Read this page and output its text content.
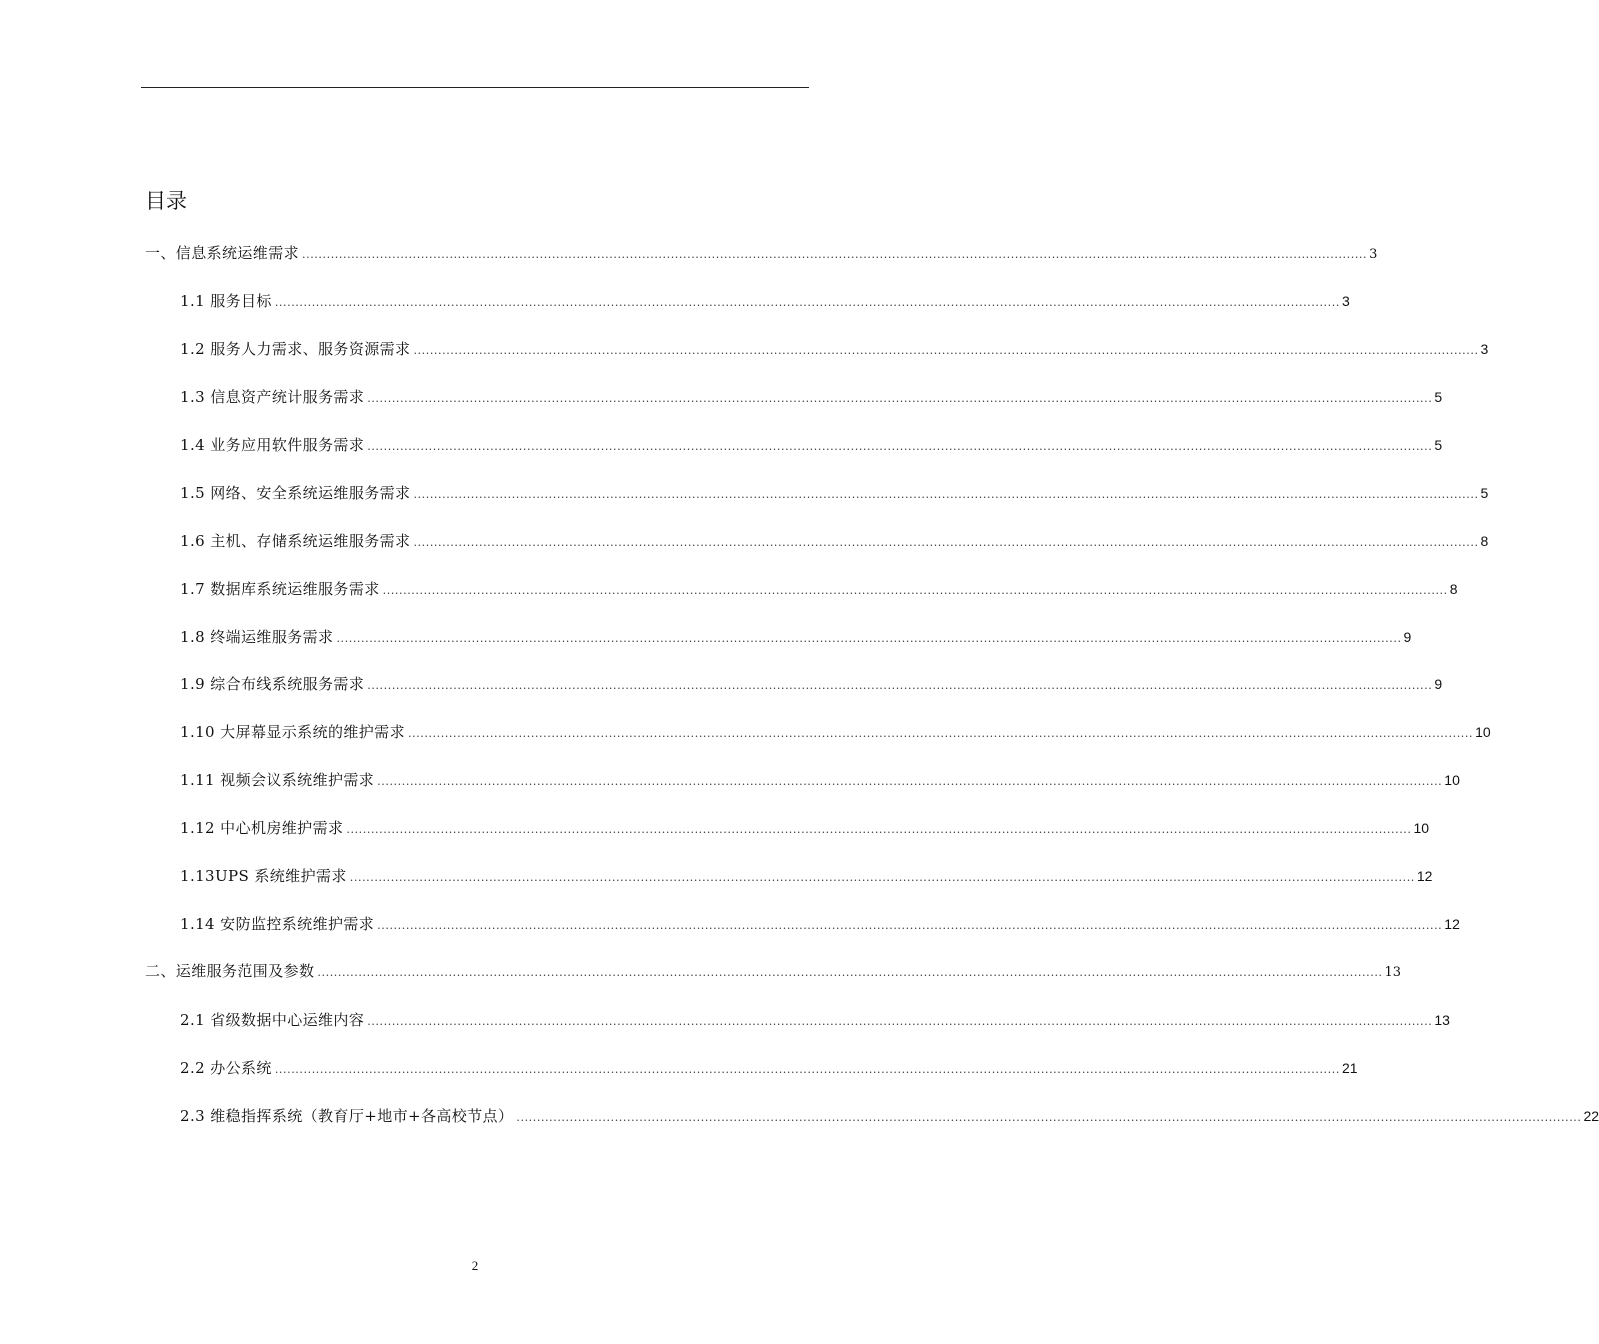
目录
一、信息系统运维需求 .................................................................................................................................................................................................................................................................... 3
1.1 服务目标 .................................................................................................................................................................................................................................................................... 3
1.2 服务人力需求、服务资源需求 .................................................................................................................................................................................................................................................................... 3
1.3 信息资产统计服务需求 .................................................................................................................................................................................................................................................................... 5
1.4 业务应用软件服务需求 .................................................................................................................................................................................................................................................................... 5
1.5 网络、安全系统运维服务需求 .................................................................................................................................................................................................................................................................... 5
1.6 主机、存储系统运维服务需求 .................................................................................................................................................................................................................................................................... 8
1.7 数据库系统运维服务需求 .................................................................................................................................................................................................................................................................... 8
1.8 终端运维服务需求 .................................................................................................................................................................................................................................................................... 9
1.9 综合布线系统服务需求 .................................................................................................................................................................................................................................................................... 9
1.10 大屏幕显示系统的维护需求 .................................................................................................................................................................................................................................................................... 10
1.11 视频会议系统维护需求 .................................................................................................................................................................................................................................................................... 10
1.12 中心机房维护需求 .................................................................................................................................................................................................................................................................... 10
1.13UPS 系统维护需求 .................................................................................................................................................................................................................................................................... 12
1.14 安防监控系统维护需求 .................................................................................................................................................................................................................................................................... 12
二、运维服务范围及参数 .................................................................................................................................................................................................................................................................... 13
2.1 省级数据中心运维内容 .................................................................................................................................................................................................................................................................... 13
2.2 办公系统 .................................................................................................................................................................................................................................................................... 21
2.3 维稳指挥系统（教育厅+地市+各高校节点） .................................................................................................................................................................................................................................................................... 22
2
